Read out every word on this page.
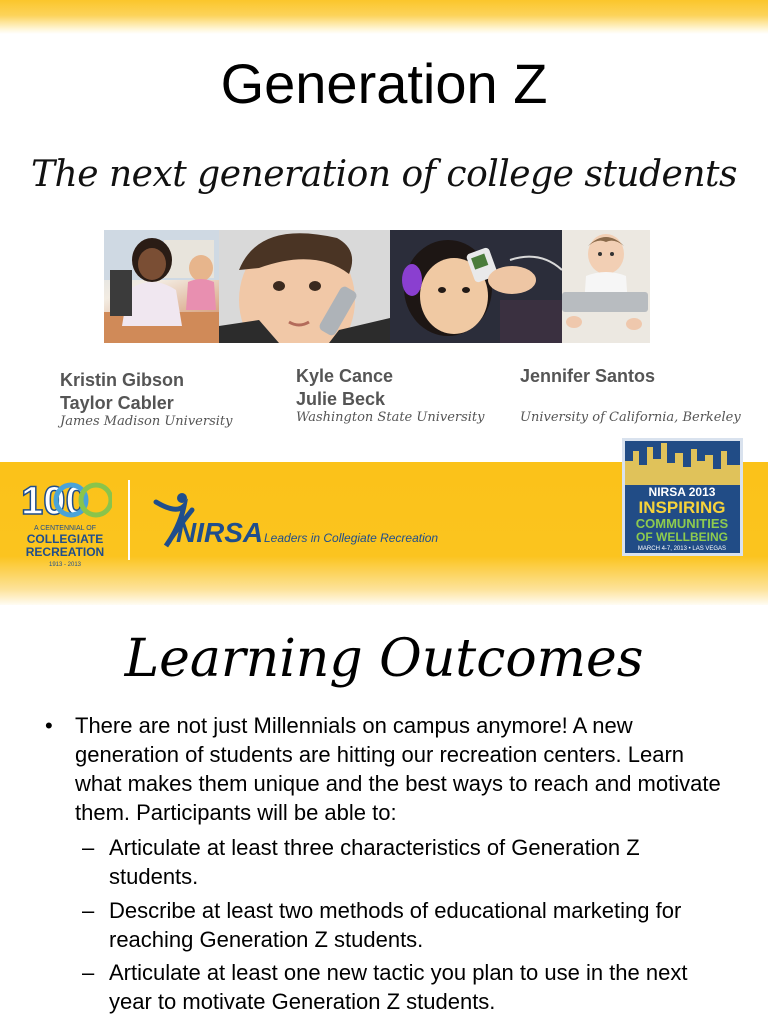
Generation Z
The next generation of college students
Kristin Gibson
Taylor Cabler
James Madison University
Kyle Cance
Julie Beck
Washington State University
Jennifer Santos
University of California, Berkeley
100
A CENTENNIAL OF
COLLEGIATE
RECREATION
1913 - 2013
NIRSA Leaders in Collegiate Recreation
NIRSA 2013
INSPIRING
COMMUNITIES
OF WELLBEING
MARCH 4-7, 2013 • LAS VEGAS
Learning Outcomes
• There are not just Millennials on campus anymore! A new generation of students are hitting our recreation centers. Learn what makes them unique and the best ways to reach and motivate them. Participants will be able to:
– Articulate at least three characteristics of Generation Z students.
– Describe at least two methods of educational marketing for reaching Generation Z students.
– Articulate at least one new tactic you plan to use in the next year to motivate Generation Z students.
